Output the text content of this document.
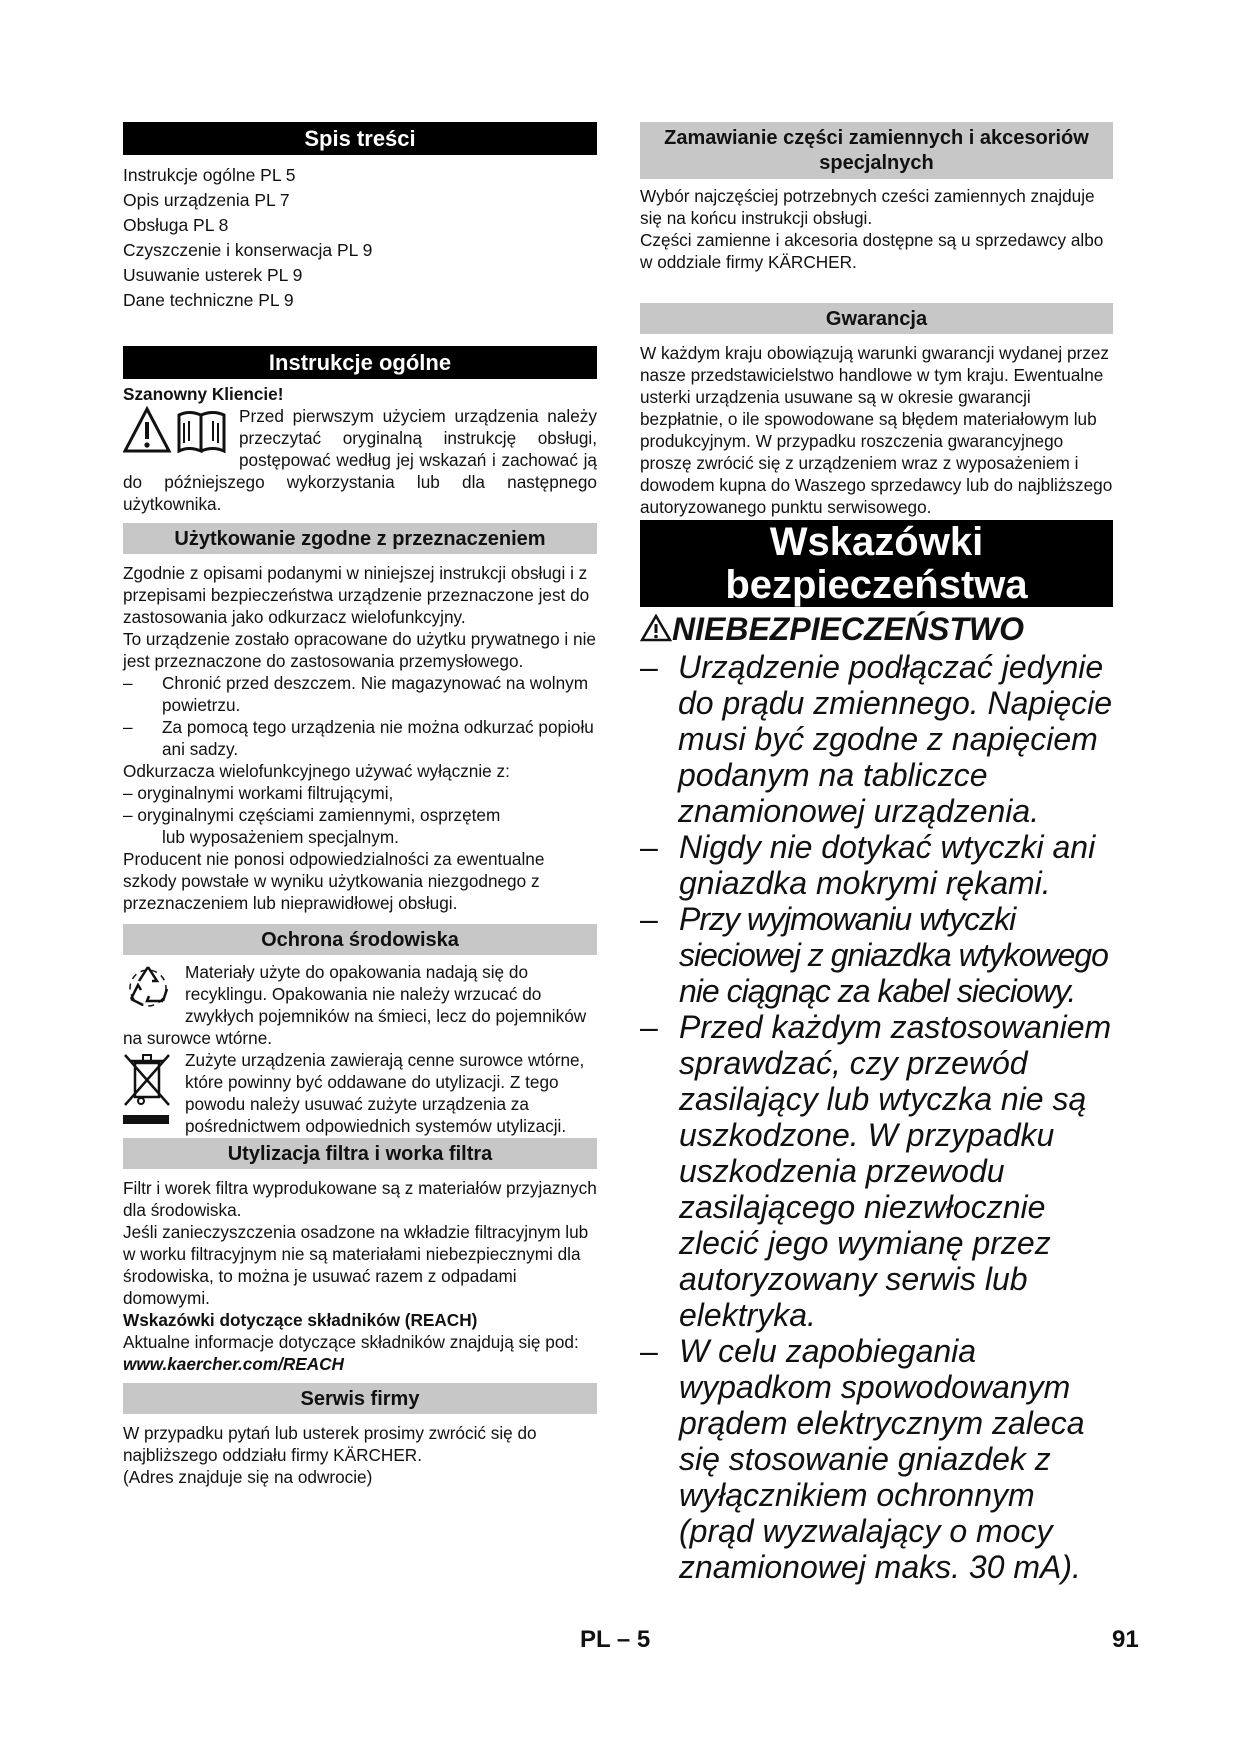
Spis treści
Instrukcje ogólne PL 5
Opis urządzenia PL 7
Obsługa PL 8
Czyszczenie i konserwacja PL 9
Usuwanie usterek PL 9
Dane techniczne PL 9
Instrukcje ogólne
Szanowny Kliencie!
Przed pierwszym użyciem urządzenia należy przeczytać oryginalną instrukcję obsługi, postępować według jej wskazań i zachować ją do późniejszego wykorzystania lub dla następnego użytkownika.
Użytkowanie zgodne z przeznaczeniem
Zgodnie z opisami podanymi w niniejszej instrukcji obsługi i z przepisami bezpieczeństwa urządzenie przeznaczone jest do zastosowania jako odkurzacz wielofunkcyjny.
To urządzenie zostało opracowane do użytku prywatnego i nie jest przeznaczone do zastosowania przemysłowego.
– Chronić przed deszczem. Nie magazynować na wolnym powietrzu.
– Za pomocą tego urządzenia nie można odkurzać popiołu ani sadzy.
Odkurzacza wielofunkcyjnego używać wyłącznie z:
– oryginalnymi workami filtrującymi,
– oryginalnymi częściami zamiennymi, osprzętem
lub wyposażeniem specjalnym.
Producent nie ponosi odpowiedzialności za ewentualne szkody powstałe w wyniku użytkowania niezgodnego z przeznaczeniem lub nieprawidłowej obsługi.
Ochrona środowiska
Materiały użyte do opakowania nadają się do recyklingu. Opakowania nie należy wrzucać do zwykłych pojemników na śmieci, lecz do pojemników na surowce wtórne.
Zużyte urządzenia zawierają cenne surowce wtórne, które powinny być oddawane do utylizacji. Z tego powodu należy usuwać zużyte urządzenia za pośrednictwem odpowiednich systemów utylizacji.
Utylizacja filtra i worka filtra
Filtr i worek filtra wyprodukowane są z materiałów przyjaznych dla środowiska.
Jeśli zanieczyszczenia osadzone na wkładzie filtracyjnym lub w worku filtracyjnym nie są materiałami niebezpiecznymi dla środowiska, to można je usuwać razem z odpadami domowymi.
Wskazówki dotyczące składników (REACH)
Aktualne informacje dotyczące składników znajdują się pod:
www.kaercher.com/REACH
Serwis firmy
W przypadku pytań lub usterek prosimy zwrócić się do najbliższego oddziału firmy KÄRCHER.
(Adres znajduje się na odwrocie)
Zamawianie części zamiennych i akcesoriów specjalnych
Wybór najczęściej potrzebnych cześci zamiennych znajduje się na końcu instrukcji obsługi.
Części zamienne i akcesoria dostępne są u sprzedawcy albo w oddziale firmy KÄRCHER.
Gwarancja
W każdym kraju obowiązują warunki gwarancji wydanej przez nasze przedstawicielstwo handlowe w tym kraju. Ewentualne usterki urządzenia usuwane są w okresie gwarancji bezpłatnie, o ile spowodowane są błędem materiałowym lub produkcyjnym. W przypadku roszczenia gwarancyjnego proszę zwrócić się z urządzeniem wraz z wyposażeniem i dowodem kupna do Waszego sprzedawcy lub do najbliższego autoryzowanego punktu serwisowego.
Wskazówki bezpieczeństwa
NIEBEZPIECZEŃSTWO
– Urządzenie podłączać jedynie do prądu zmiennego. Napięcie musi być zgodne z napięciem podanym na tabliczce znamionowej urządzenia.
– Nigdy nie dotykać wtyczki ani gniazdka mokrymi rękami.
– Przy wyjmowaniu wtyczki sieciowej z gniazdka wtykowego nie ciągnąc za kabel sieciowy.
– Przed każdym zastosowaniem sprawdzać, czy przewód zasilający lub wtyczka nie są uszkodzone. W przypadku uszkodzenia przewodu zasilającego niezwłocznie zlecić jego wymianę przez autoryzowany serwis lub elektryka.
– W celu zapobiegania wypadkom spowodowanym prądem elektrycznym zaleca się stosowanie gniazdek z wyłącznikiem ochronnym (prąd wyzwalający o mocy znamionowej maks. 30 mA).
PL – 5	91
